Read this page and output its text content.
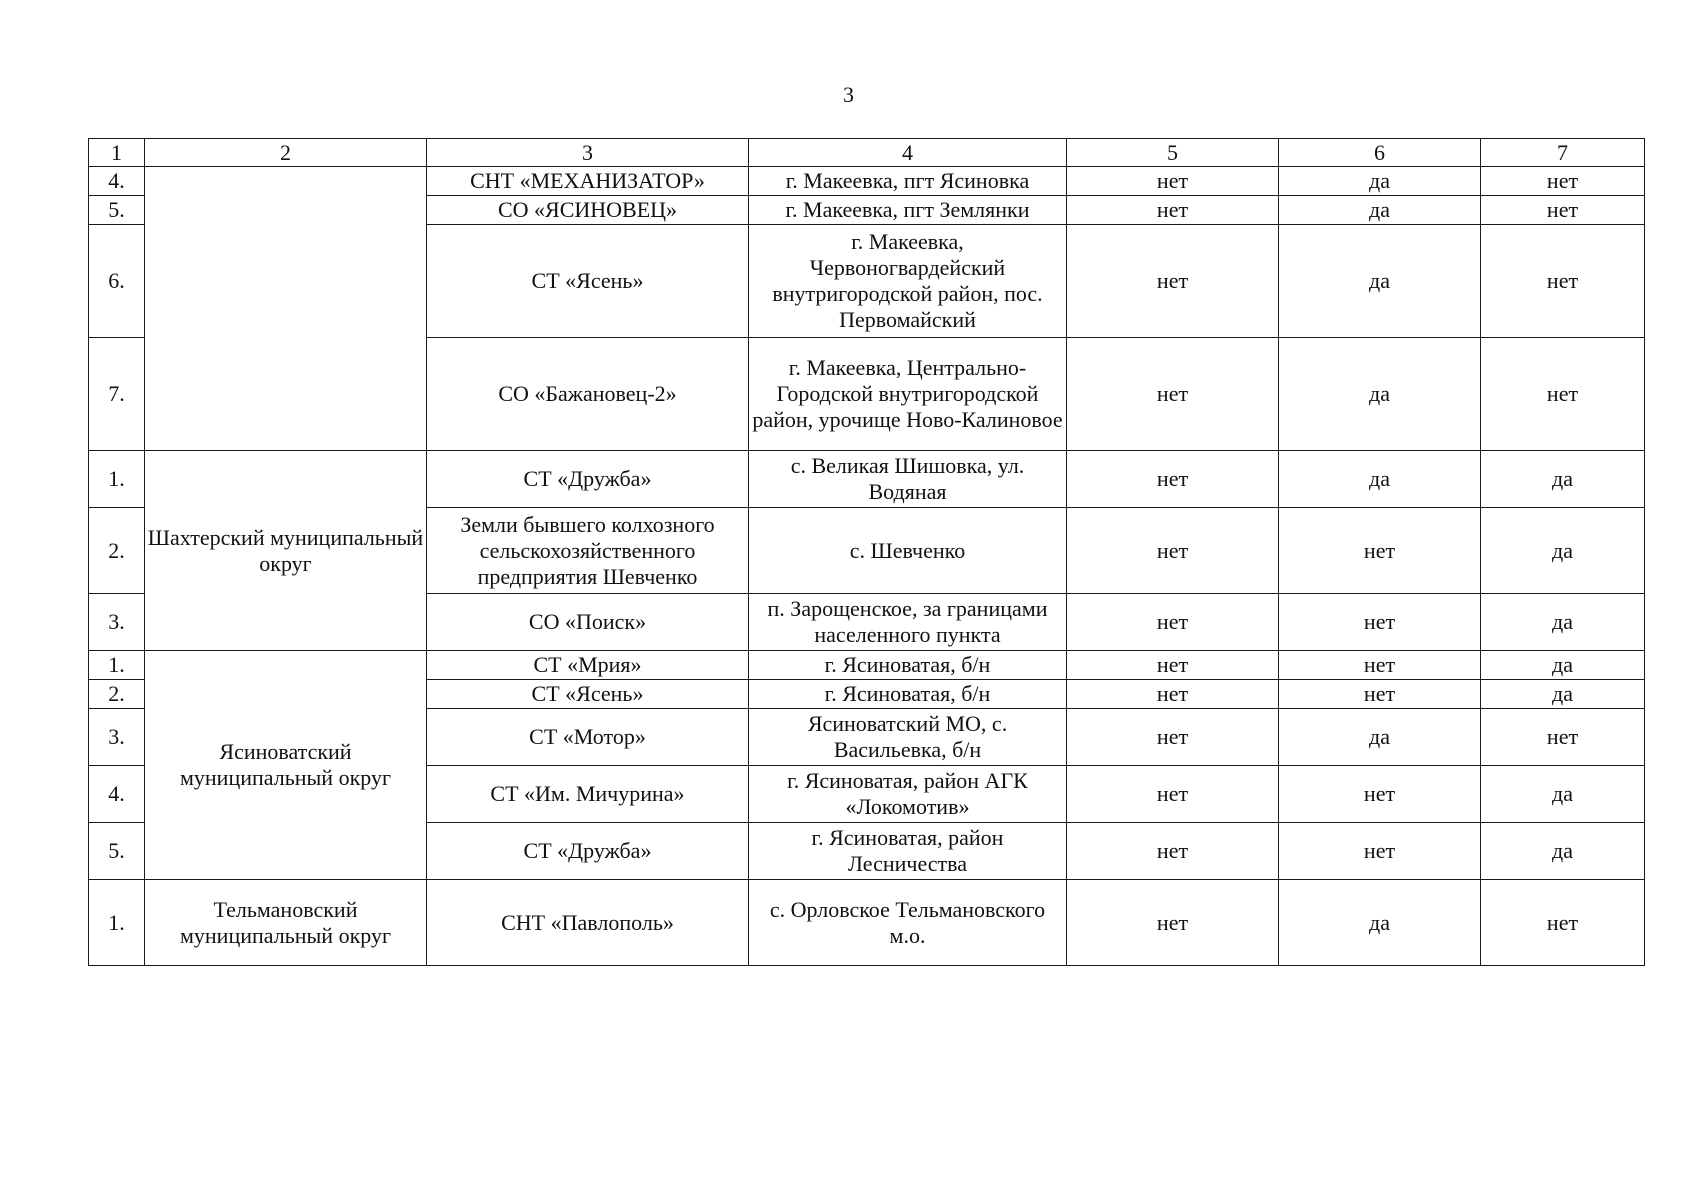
3
1	2	3	4	5	6	7
4.		СНТ «МЕХАНИЗАТОР»	г. Макеевка, пгт Ясиновка	нет	да	нет
5.		СО «ЯСИНОВЕЦ»	г. Макеевка, пгт Землянки	нет	да	нет
6.		СТ «Ясень»	г. Макеевка, Червоногвардейский внутригородской район, пос. Первомайский	нет	да	нет
7.		СО «Бажановец-2»	г. Макеевка, Центрально-Городской внутригородской район, урочище Ново-Калиновое	нет	да	нет
1.	Шахтерский муниципальный округ	СТ «Дружба»	с. Великая Шишовка, ул. Водяная	нет	да	да
2.		Земли бывшего колхозного сельскохозяйственного предприятия Шевченко	с. Шевченко	нет	нет	да
3.		СО «Поиск»	п. Зарощенское, за границами населенного пункта	нет	нет	да
1.	Ясиноватский муниципальный округ	СТ «Мрия»	г. Ясиноватая, б/н	нет	нет	да
2.		СТ «Ясень»	г. Ясиноватая, б/н	нет	нет	да
3.		СТ «Мотор»	Ясиноватский МО, с. Васильевка, б/н	нет	да	нет
4.		СТ «Им. Мичурина»	г. Ясиноватая, район АГК «Локомотив»	нет	нет	да
5.		СТ «Дружба»	г. Ясиноватая, район Лесничества	нет	нет	да
1.	Тельмановский муниципальный округ	СНТ «Павлополь»	с. Орловское Тельмановского м.о.	нет	да	нет
